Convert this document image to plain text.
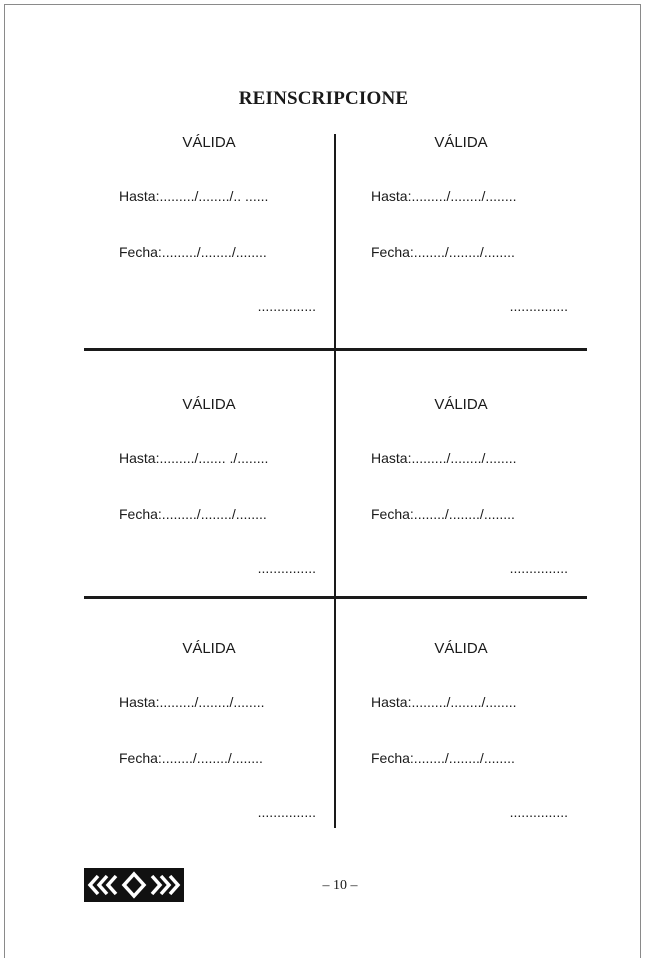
REINSCRIPCIONE
VÁLIDA
Hasta:........./......../.. ......
Fecha:........./......../........
...............
VÁLIDA
Hasta:........./......../........
Fecha:......../......../........
...............
VÁLIDA
Hasta:........./....... ./........
Fecha:........./......../........
...............
VÁLIDA
Hasta:........./......../........
Fecha:......../......../........
...............
VÁLIDA
Hasta:........./......../........
Fecha:......../......../........
...............
VÁLIDA
Hasta:........./......../........
Fecha:......../......../........
...............
– 10 –
